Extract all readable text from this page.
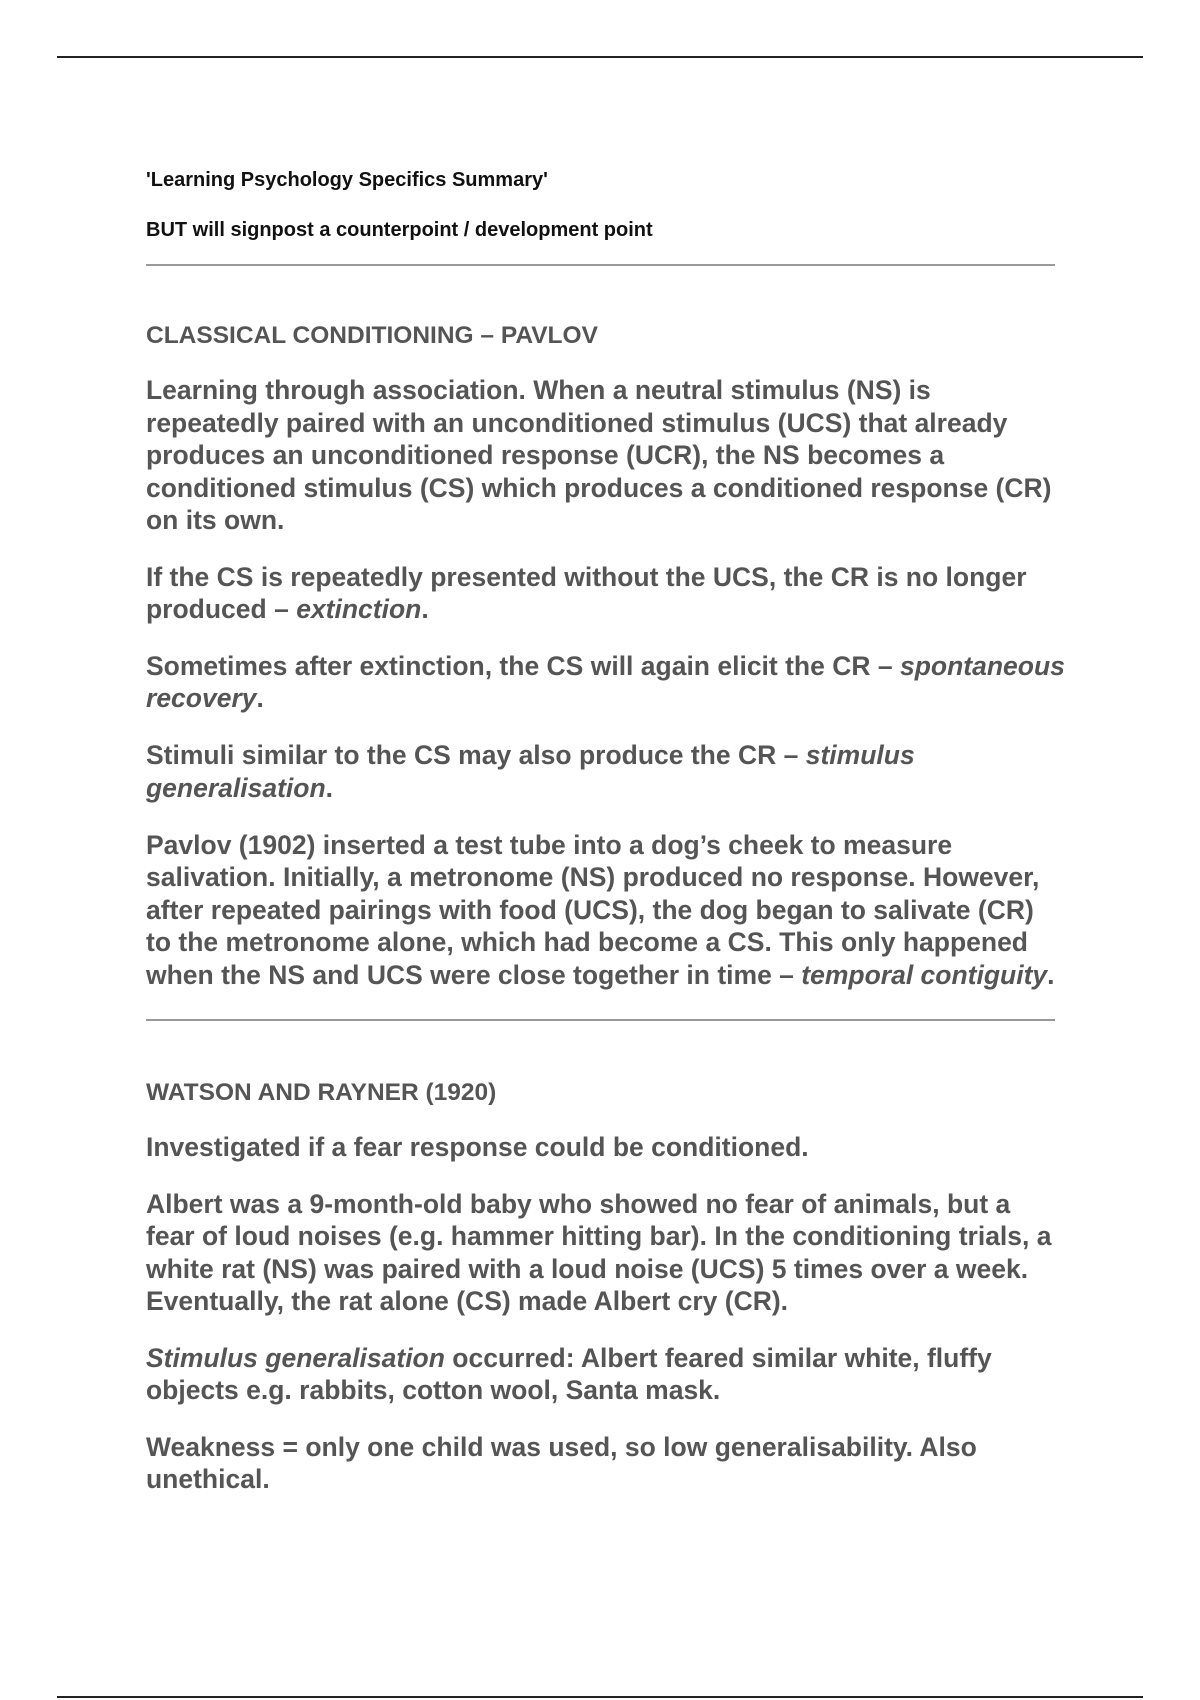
'Learning Psychology Specifics Summary'

BUT will signpost a counterpoint / development point

CLASSICAL CONDITIONING – PAVLOV

Learning through association. When a neutral stimulus (NS) is repeatedly paired with an unconditioned stimulus (UCS) that already produces an unconditioned response (UCR), the NS becomes a conditioned stimulus (CS) which produces a conditioned response (CR) on its own.

If the CS is repeatedly presented without the UCS, the CR is no longer produced – extinction.

Sometimes after extinction, the CS will again elicit the CR – spontaneous recovery.

Stimuli similar to the CS may also produce the CR – stimulus generalisation.

Pavlov (1902) inserted a test tube into a dog’s cheek to measure salivation. Initially, a metronome (NS) produced no response. However, after repeated pairings with food (UCS), the dog began to salivate (CR) to the metronome alone, which had become a CS. This only happened when the NS and UCS were close together in time – temporal contiguity.

WATSON AND RAYNER (1920)

Investigated if a fear response could be conditioned.

Albert was a 9-month-old baby who showed no fear of animals, but a fear of loud noises (e.g. hammer hitting bar). In the conditioning trials, a white rat (NS) was paired with a loud noise (UCS) 5 times over a week. Eventually, the rat alone (CS) made Albert cry (CR).

Stimulus generalisation occurred: Albert feared similar white, fluffy objects e.g. rabbits, cotton wool, Santa mask.

Weakness = only one child was used, so low generalisability. Also unethical.
